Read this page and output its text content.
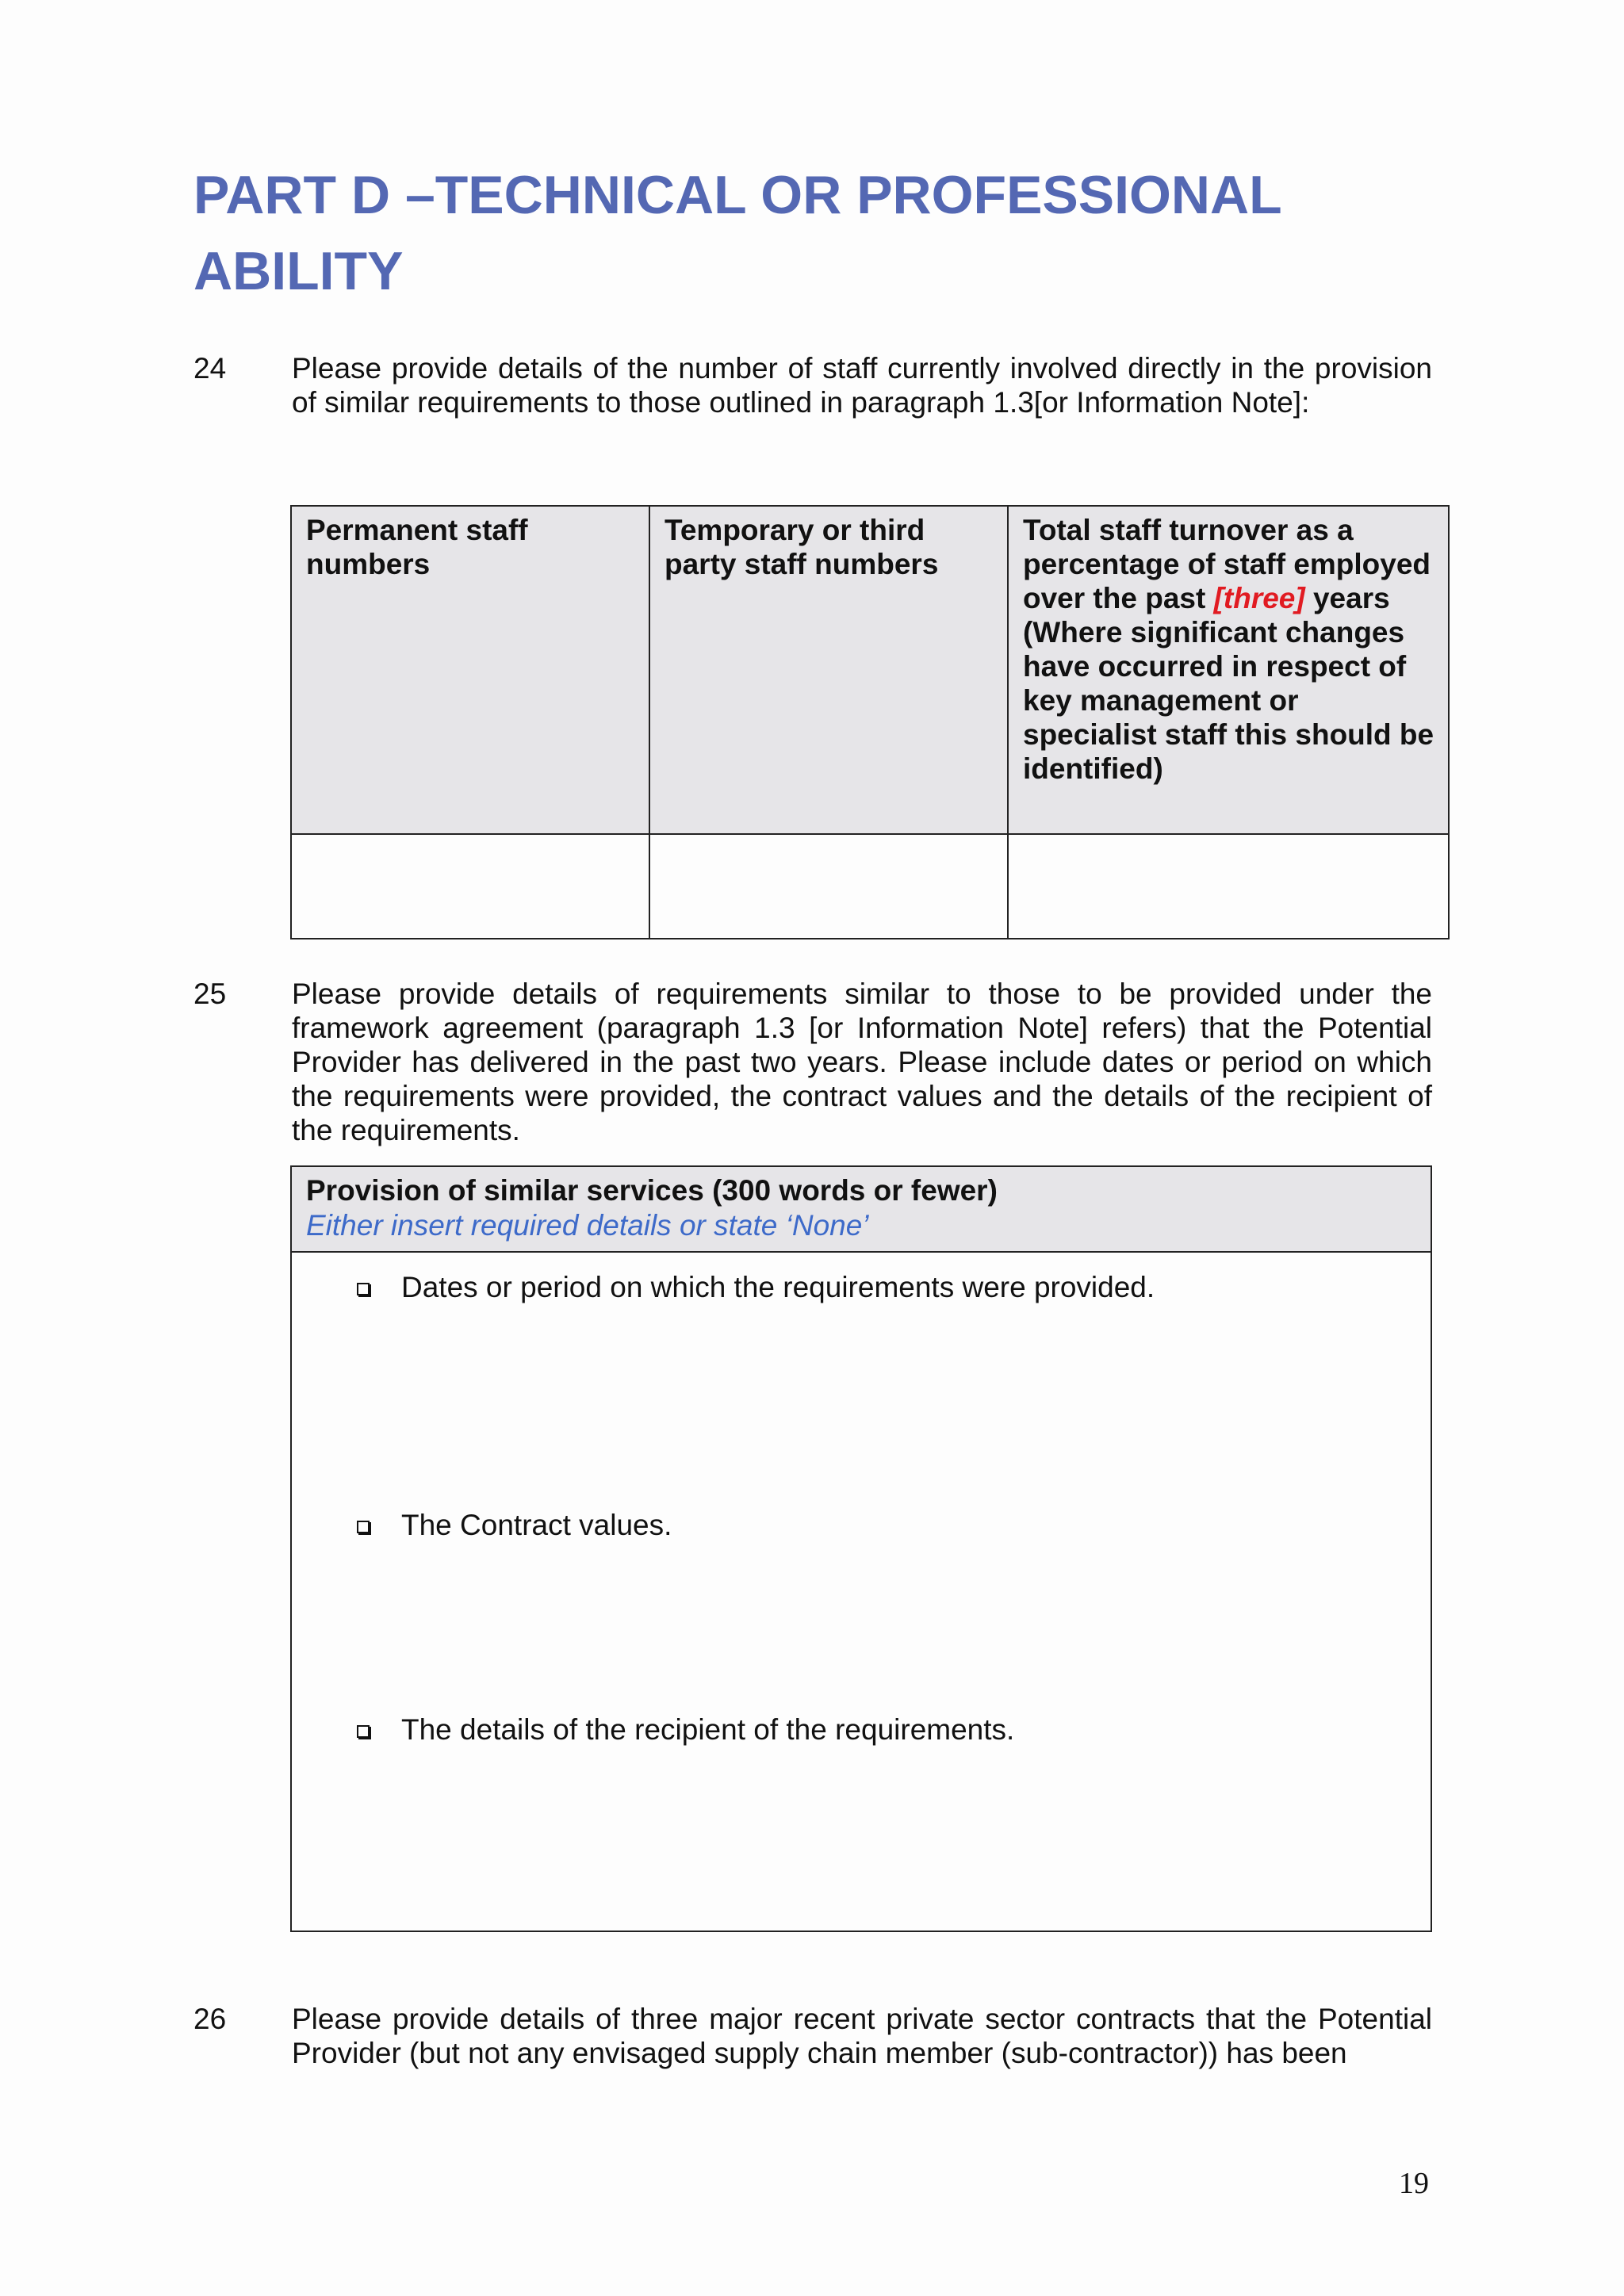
PART D –TECHNICAL OR PROFESSIONAL ABILITY
24 Please provide details of the number of staff currently involved directly in the provision of similar requirements to those outlined in paragraph 1.3[or Information Note]:

Permanent staff numbers	Temporary or third party staff numbers	Total staff turnover as a percentage of staff employed over the past [three] years (Where significant changes have occurred in respect of key management or specialist staff this should be identified)

25 Please provide details of requirements similar to those to be provided under the framework agreement (paragraph 1.3 [or Information Note] refers) that the Potential Provider has delivered in the past two years. Please include dates or period on which the requirements were provided, the contract values and the details of the recipient of the requirements.

Provision of similar services (300 words or fewer)
Either insert required details or state ‘None’
Dates or period on which the requirements were provided.
The Contract values.
The details of the recipient of the requirements.
26 Please provide details of three major recent private sector contracts that the Potential Provider (but not any envisaged supply chain member (sub-contractor)) has been

19
